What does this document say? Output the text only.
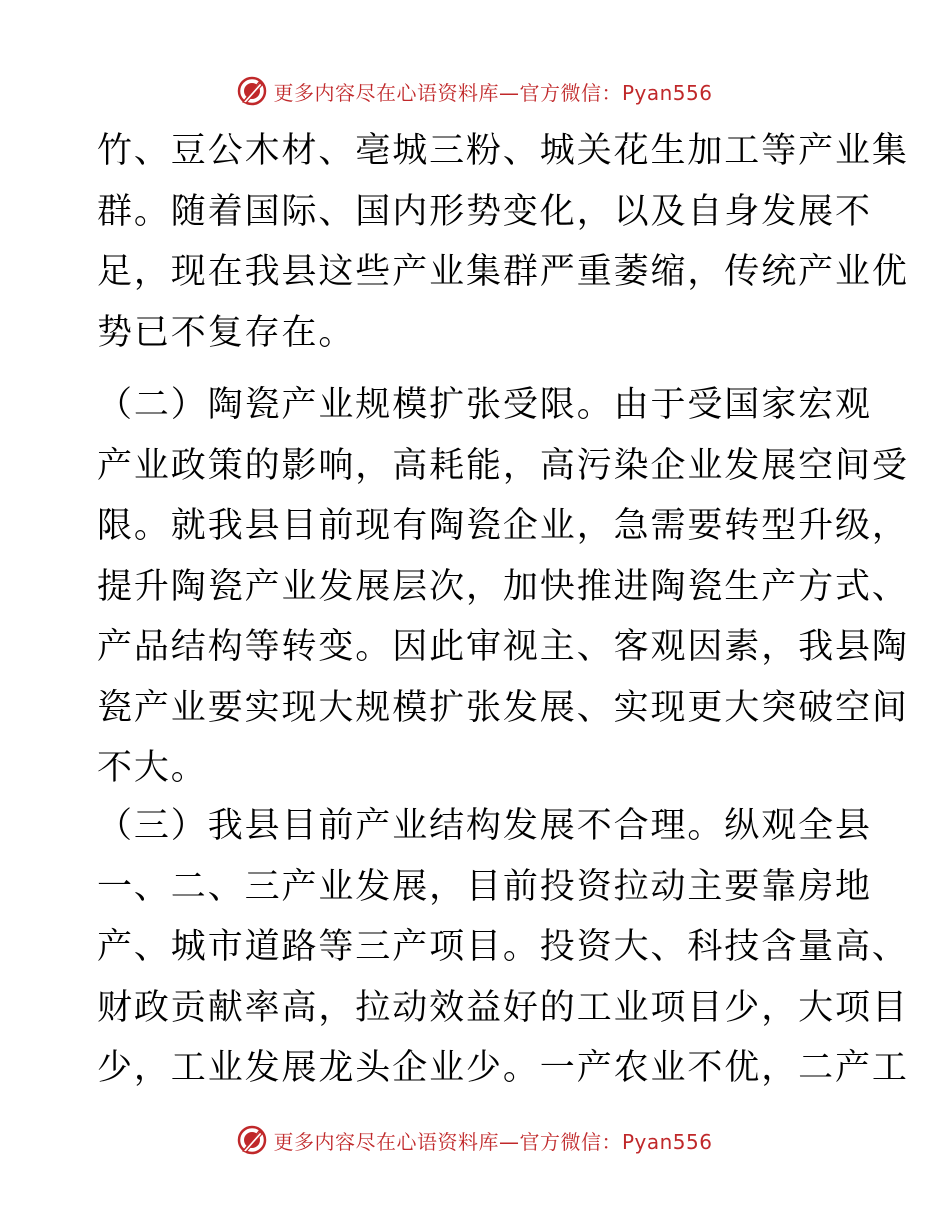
更多内容尽在心语资料库—官方微信：Pyan556

竹、豆公木材、亳城三粉、城关花生加工等产业集
群。随着国际、国内形势变化，以及自身发展不
足，现在我县这些产业集群严重萎缩，传统产业优
势已不复存在。

（二）陶瓷产业规模扩张受限。由于受国家宏观
产业政策的影响，高耗能，高污染企业发展空间受
限。就我县目前现有陶瓷企业，急需要转型升级，
提升陶瓷产业发展层次，加快推进陶瓷生产方式、
产品结构等转变。因此审视主、客观因素，我县陶
瓷产业要实现大规模扩张发展、实现更大突破空间
不大。

（三）我县目前产业结构发展不合理。纵观全县
一、二、三产业发展，目前投资拉动主要靠房地
产、城市道路等三产项目。投资大、科技含量高、
财政贡献率高，拉动效益好的工业项目少，大项目
少，工业发展龙头企业少。一产农业不优，二产工

更多内容尽在心语资料库—官方微信：Pyan556
